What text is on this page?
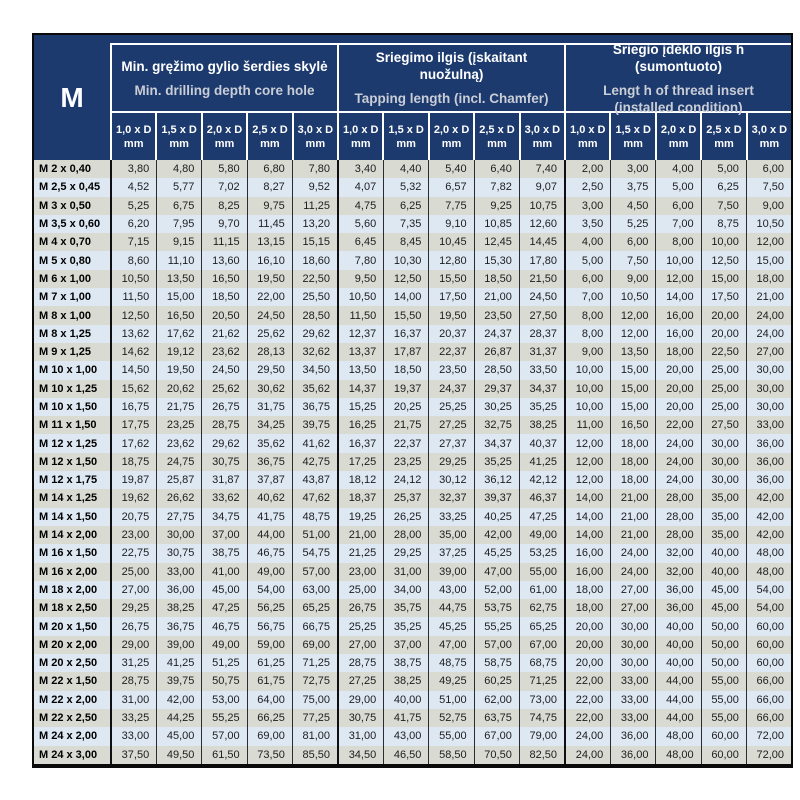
M
Min. gręžimo gylio šerdies skylė
Min. drilling depth core hole
Sriegimo ilgis (įskaitant nuožulną)
Tapping length (incl. Chamfer)
Sriegio įdėklo ilgis h (sumontuoto)
Lengt h of thread insert
(installed condition)
1,0 x D
mm
1,5 x D
mm
2,0 x D
mm
2,5 x D
mm
3,0 x D
mm
1,0 x D
mm
1,5 x D
mm
2,0 x D
mm
2,5 x D
mm
3,0 x D
mm
1,0 x D
mm
1,5 x D
mm
2,0 x D
mm
2,5 x D
mm
3,0 x D
mm
M 2 x 0,40	3,80	4,80	5,80	6,80	7,80	3,40	4,40	5,40	6,40	7,40	2,00	3,00	4,00	5,00	6,00
M 2,5 x 0,45	4,52	5,77	7,02	8,27	9,52	4,07	5,32	6,57	7,82	9,07	2,50	3,75	5,00	6,25	7,50
M 3 x 0,50	5,25	6,75	8,25	9,75	11,25	4,75	6,25	7,75	9,25	10,75	3,00	4,50	6,00	7,50	9,00
M 3,5 x 0,60	6,20	7,95	9,70	11,45	13,20	5,60	7,35	9,10	10,85	12,60	3,50	5,25	7,00	8,75	10,50
M 4 x 0,70	7,15	9,15	11,15	13,15	15,15	6,45	8,45	10,45	12,45	14,45	4,00	6,00	8,00	10,00	12,00
M 5 x 0,80	8,60	11,10	13,60	16,10	18,60	7,80	10,30	12,80	15,30	17,80	5,00	7,50	10,00	12,50	15,00
M 6 x 1,00	10,50	13,50	16,50	19,50	22,50	9,50	12,50	15,50	18,50	21,50	6,00	9,00	12,00	15,00	18,00
M 7 x 1,00	11,50	15,00	18,50	22,00	25,50	10,50	14,00	17,50	21,00	24,50	7,00	10,50	14,00	17,50	21,00
M 8 x 1,00	12,50	16,50	20,50	24,50	28,50	11,50	15,50	19,50	23,50	27,50	8,00	12,00	16,00	20,00	24,00
M 8 x 1,25	13,62	17,62	21,62	25,62	29,62	12,37	16,37	20,37	24,37	28,37	8,00	12,00	16,00	20,00	24,00
M 9 x 1,25	14,62	19,12	23,62	28,13	32,62	13,37	17,87	22,37	26,87	31,37	9,00	13,50	18,00	22,50	27,00
M 10 x 1,00	14,50	19,50	24,50	29,50	34,50	13,50	18,50	23,50	28,50	33,50	10,00	15,00	20,00	25,00	30,00
M 10 x 1,25	15,62	20,62	25,62	30,62	35,62	14,37	19,37	24,37	29,37	34,37	10,00	15,00	20,00	25,00	30,00
M 10 x 1,50	16,75	21,75	26,75	31,75	36,75	15,25	20,25	25,25	30,25	35,25	10,00	15,00	20,00	25,00	30,00
M 11 x 1,50	17,75	23,25	28,75	34,25	39,75	16,25	21,75	27,25	32,75	38,25	11,00	16,50	22,00	27,50	33,00
M 12 x 1,25	17,62	23,62	29,62	35,62	41,62	16,37	22,37	27,37	34,37	40,37	12,00	18,00	24,00	30,00	36,00
M 12 x 1,50	18,75	24,75	30,75	36,75	42,75	17,25	23,25	29,25	35,25	41,25	12,00	18,00	24,00	30,00	36,00
M 12 x 1,75	19,87	25,87	31,87	37,87	43,87	18,12	24,12	30,12	36,12	42,12	12,00	18,00	24,00	30,00	36,00
M 14 x 1,25	19,62	26,62	33,62	40,62	47,62	18,37	25,37	32,37	39,37	46,37	14,00	21,00	28,00	35,00	42,00
M 14 x 1,50	20,75	27,75	34,75	41,75	48,75	19,25	26,25	33,25	40,25	47,25	14,00	21,00	28,00	35,00	42,00
M 14 x 2,00	23,00	30,00	37,00	44,00	51,00	21,00	28,00	35,00	42,00	49,00	14,00	21,00	28,00	35,00	42,00
M 16 x 1,50	22,75	30,75	38,75	46,75	54,75	21,25	29,25	37,25	45,25	53,25	16,00	24,00	32,00	40,00	48,00
M 16 x 2,00	25,00	33,00	41,00	49,00	57,00	23,00	31,00	39,00	47,00	55,00	16,00	24,00	32,00	40,00	48,00
M 18 x 2,00	27,00	36,00	45,00	54,00	63,00	25,00	34,00	43,00	52,00	61,00	18,00	27,00	36,00	45,00	54,00
M 18 x 2,50	29,25	38,25	47,25	56,25	65,25	26,75	35,75	44,75	53,75	62,75	18,00	27,00	36,00	45,00	54,00
M 20 x 1,50	26,75	36,75	46,75	56,75	66,75	25,25	35,25	45,25	55,25	65,25	20,00	30,00	40,00	50,00	60,00
M 20 x 2,00	29,00	39,00	49,00	59,00	69,00	27,00	37,00	47,00	57,00	67,00	20,00	30,00	40,00	50,00	60,00
M 20 x 2,50	31,25	41,25	51,25	61,25	71,25	28,75	38,75	48,75	58,75	68,75	20,00	30,00	40,00	50,00	60,00
M 22 x 1,50	28,75	39,75	50,75	61,75	72,75	27,25	38,25	49,25	60,25	71,25	22,00	33,00	44,00	55,00	66,00
M 22 x 2,00	31,00	42,00	53,00	64,00	75,00	29,00	40,00	51,00	62,00	73,00	22,00	33,00	44,00	55,00	66,00
M 22 x 2,50	33,25	44,25	55,25	66,25	77,25	30,75	41,75	52,75	63,75	74,75	22,00	33,00	44,00	55,00	66,00
M 24 x 2,00	33,00	45,00	57,00	69,00	81,00	31,00	43,00	55,00	67,00	79,00	24,00	36,00	48,00	60,00	72,00
M 24 x 3,00	37,50	49,50	61,50	73,50	85,50	34,50	46,50	58,50	70,50	82,50	24,00	36,00	48,00	60,00	72,00
